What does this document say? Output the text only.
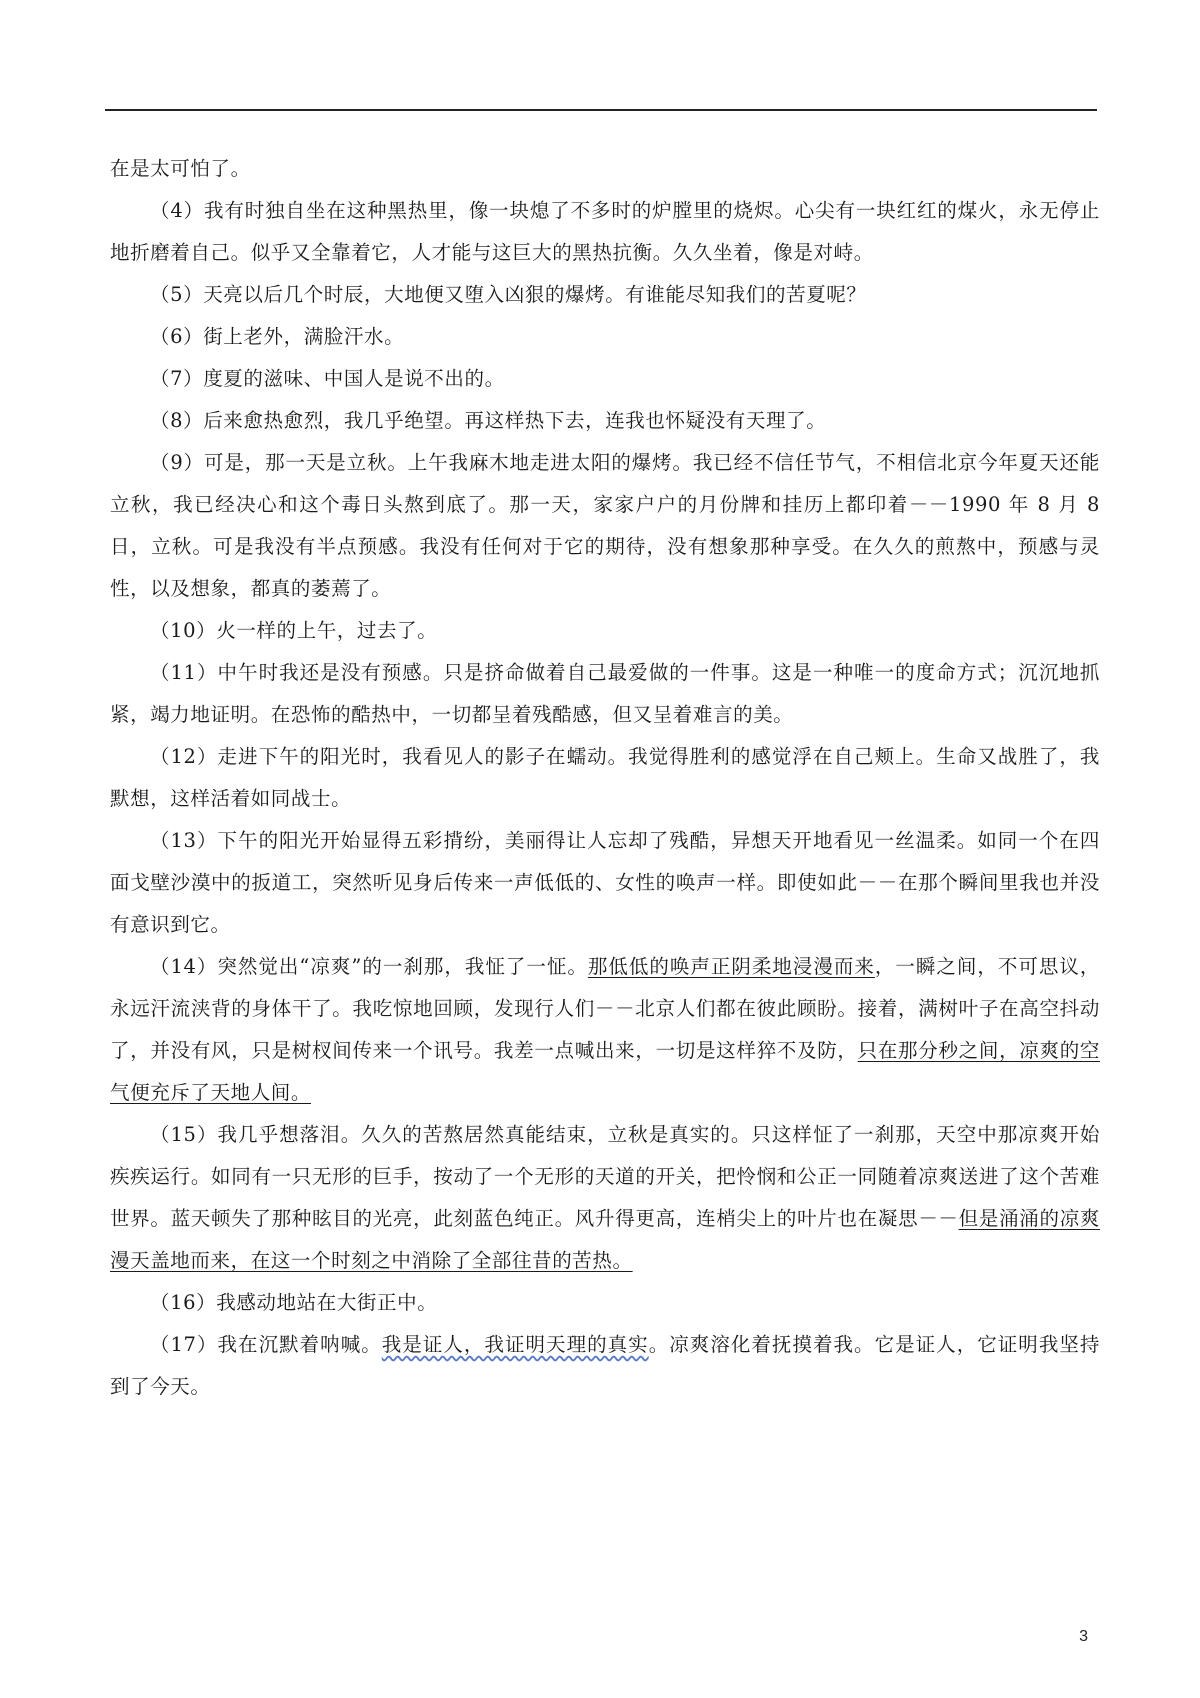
在是太可怕了。

（4）我有时独自坐在这种黑热里，像一块熄了不多时的炉膛里的烧烬。心尖有一块红红的煤火，永无停止地折磨着自己。似乎又全靠着它，人才能与这巨大的黑热抗衡。久久坐着，像是对峙。

（5）天亮以后几个时辰，大地便又堕入凶狠的爆烤。有谁能尽知我们的苦夏呢？

（6）街上老外，满脸汗水。

（7）度夏的滋味、中国人是说不出的。

（8）后来愈热愈烈，我几乎绝望。再这样热下去，连我也怀疑没有天理了。

（9）可是，那一天是立秋。上午我麻木地走进太阳的爆烤。我已经不信任节气，不相信北京今年夏天还能立秋，我已经决心和这个毒日头熬到底了。那一天，家家户户的月份牌和挂历上都印着－－1990 年 8 月 8 日，立秋。可是我没有半点预感。我没有任何对于它的期待，没有想象那种享受。在久久的煎熬中，预感与灵性，以及想象，都真的萎蔫了。

（10）火一样的上午，过去了。

（11）中午时我还是没有预感。只是挤命做着自己最爱做的一件事。这是一种唯一的度命方式；沉沉地抓紧，竭力地证明。在恐怖的酷热中，一切都呈着残酷感，但又呈着难言的美。

（12）走进下午的阳光时，我看见人的影子在蠕动。我觉得胜利的感觉浮在自己颊上。生命又战胜了，我默想，这样活着如同战士。

（13）下午的阳光开始显得五彩揹纷，美丽得让人忘却了残酷，异想天开地看见一丝温柔。如同一个在四面戈壁沙漠中的扳道工，突然听见身后传来一声低低的、女性的唤声一样。即使如此－－在那个瞬间里我也并没有意识到它。

（14）突然觉出“凉爽”的一刹那，我怔了一怔。那低低的唤声正阴柔地浸漫而来，一瞬之间，不可思议，永远汗流浃背的身体干了。我吃惊地回顾，发现行人们－－北京人们都在彼此顾盼。接着，满树叶子在高空抖动了，并没有风，只是树杈间传来一个讯号。我差一点喊出来，一切是这样猝不及防，只在那分秒之间，凉爽的空气便充斥了天地人间。

（15）我几乎想落泪。久久的苦熬居然真能结束，立秋是真实的。只这样怔了一刹那，天空中那凉爽开始疾疾运行。如同有一只无形的巨手，按动了一个无形的天道的开关，把怜悯和公正一同随着凉爽送进了这个苦难世界。蓝天顿失了那种眩目的光亮，此刻蓝色纯正。风升得更高，连梢尖上的叶片也在凝思－－但是涌涌的凉爽漫天盖地而来，在这一个时刻之中消除了全部往昔的苦热。

（16）我感动地站在大街正中。

（17）我在沉默着呐喊。我是证人，我证明天理的真实。凉爽溶化着抚摸着我。它是证人，它证明我坚持到了今天。

3
